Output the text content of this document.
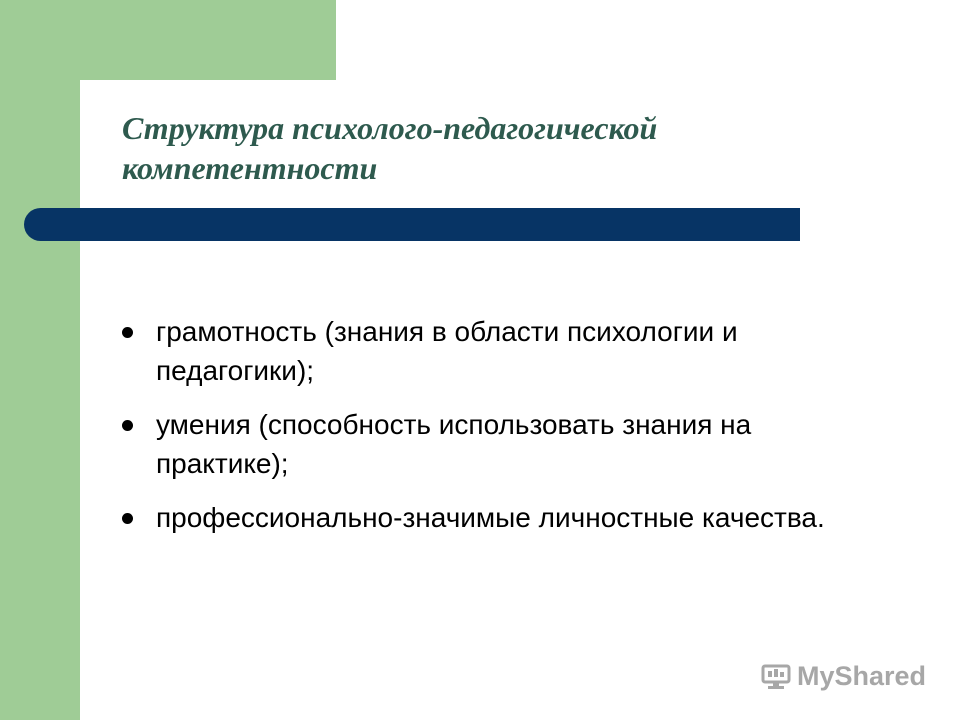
Структура психолого-педагогической компетентности
грамотность (знания в области психологии и педагогики);
умения (способность использовать знания на практике);
профессионально-значимые личностные качества.
MyShared
